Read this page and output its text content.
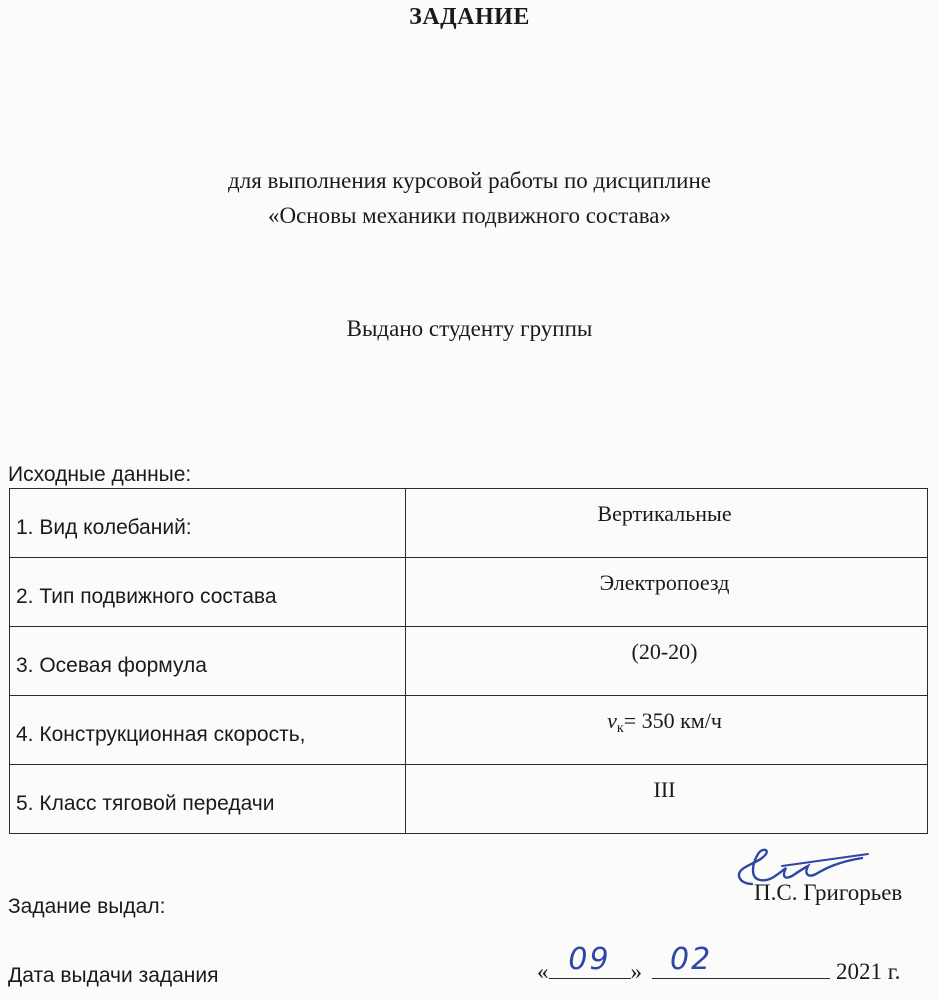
ЗАДАНИЕ
для выполнения курсовой работы по дисциплине
«Основы механики подвижного состава»
Выдано студенту группы
Исходные данные:
1. Вид колебаний:	Вертикальные
2. Тип подвижного состава	Электропоезд
3. Осевая формула	(20-20)
4. Конструкционная скорость,	vк= 350 км/ч
5. Класс тяговой передачи	III
Задание выдал:
П.С. Григорьев
Дата выдачи задания	« 09 » 02	2021 г.
